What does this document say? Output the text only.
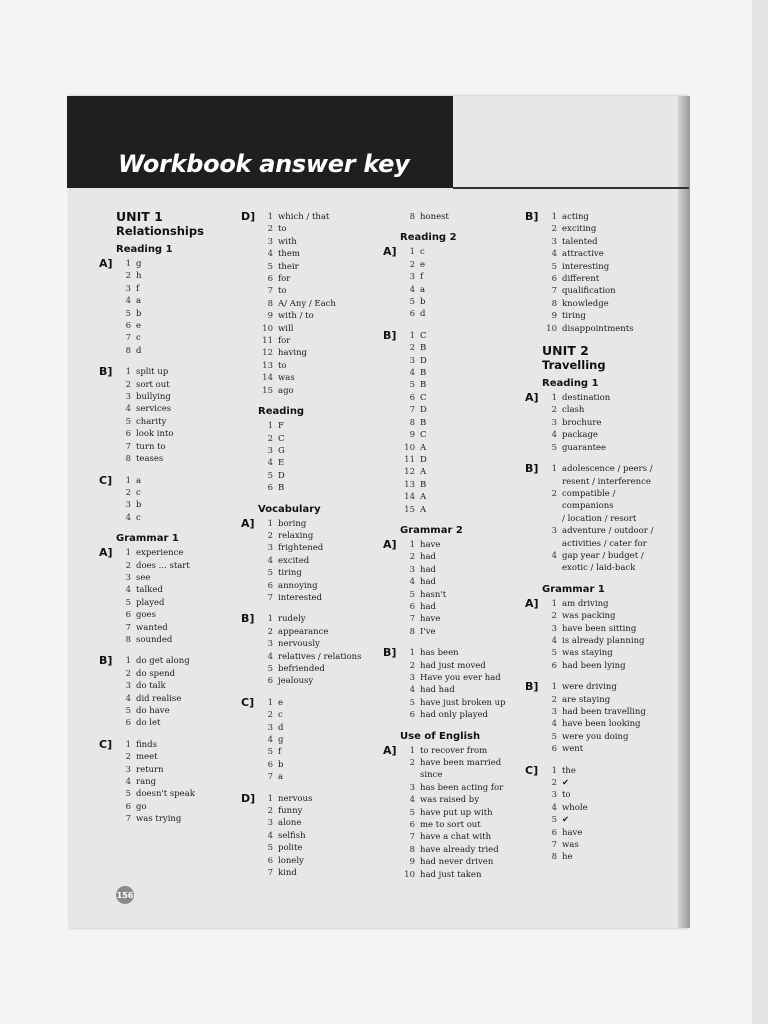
Workbook answer key
UNIT 1
Relationships
Reading 1
A]	1 g
2 h
3 f
4 a
5 b
6 e
7 c
8 d
B]	1 split up
2 sort out
3 bullying
4 services
5 charity
6 look into
7 turn to
8 teases
C]	1 a
2 c
3 b
4 c
Grammar 1
A]	1 experience
2 does ... start
3 see
4 talked
5 played
6 goes
7 wanted
8 sounded
B]	1 do get along
2 do spend
3 do talk
4 did realise
5 do have
6 do let
C]	1 finds
2 meet
3 return
4 rang
5 doesn't speak
6 go
7 was trying
D]	1 which / that
2 to
3 with
4 them
5 their
6 for
7 to
8 A/ Any / Each
9 with / to
10 will
11 for
12 having
13 to
14 was
15 ago
Reading
1 F
2 C
3 G
4 E
5 D
6 B
Vocabulary
A]	1 boring
2 relaxing
3 frightened
4 excited
5 tiring
6 annoying
7 interested
B]	1 rudely
2 appearance
3 nervously
4 relatives / relations
5 befriended
6 jealousy
C]	1 e
2 c
3 d
4 g
5 f
6 b
7 a
D]	1 nervous
2 funny
3 alone
4 selfish
5 polite
6 lonely
7 kind
8 honest
Reading 2
A]	1 c
2 e
3 f
4 a
5 b
6 d
B]	1 C
2 B
3 D
4 B
5 B
6 C
7 D
8 B
9 C
10 A
11 D
12 A
13 B
14 A
15 A
Grammar 2
A]	1 have
2 had
3 had
4 had
5 hasn't
6 had
7 have
8 I've
B]	1 has been
2 had just moved
3 Have you ever had
4 had had
5 have just broken up
6 had only played
Use of English
A]	1 to recover from
2 have been married
since
3 has been acting for
4 was raised by
5 have put up with
6 me to sort out
7 have a chat with
8 have already tried
9 had never driven
10 had just taken
B]	1 acting
2 exciting
3 talented
4 attractive
5 interesting
6 different
7 qualification
8 knowledge
9 tiring
10 disappointments
UNIT 2
Travelling
Reading 1
A]	1 destination
2 clash
3 brochure
4 package
5 guarantee
B]	1 adolescence / peers /
resent / interference
2 compatible /
companions
/ location / resort
3 adventure / outdoor /
activities / cater for
4 gap year / budget /
exotic / laid-back
Grammar 1
A]	1 am driving
2 was packing
3 have been sitting
4 is already planning
5 was staying
6 had been lying
B]	1 were driving
2 are staying
3 had been travelling
4 have been looking
5 were you doing
6 went
C]	1 the
2 ✔
3 to
4 whole
5 ✔
6 have
7 was
8 he
156
